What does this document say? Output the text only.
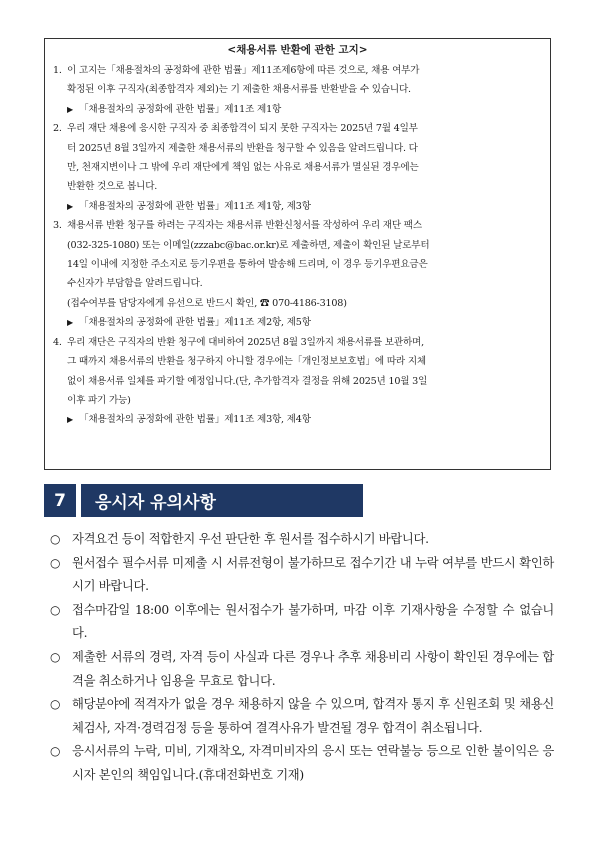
<채용서류 반환에 관한 고지>
1. 이 고지는「채용절차의 공정화에 관한 법률」제11조제6항에 따른 것으로, 채용 여부가
확정된 이후 구직자(최종합격자 제외)는 기 제출한 채용서류를 반환받을 수 있습니다.
▶ 「채용절차의 공정화에 관한 법률」제11조 제1항
2. 우리 재단 채용에 응시한 구직자 중 최종합격이 되지 못한 구직자는 2025년 7월 4일부
터 2025년 8월 3일까지 제출한 채용서류의 반환을 청구할 수 있음을 알려드립니다. 다
만, 천재지변이나 그 밖에 우리 재단에게 책임 없는 사유로 채용서류가 멸실된 경우에는
반환한 것으로 봅니다.
▶ 「채용절차의 공정화에 관한 법률」제11조 제1항, 제3항
3. 채용서류 반환 청구를 하려는 구직자는 채용서류 반환신청서를 작성하여 우리 재단 팩스
(032-325-1080) 또는 이메일(zzzabc@bac.or.kr)로 제출하면, 제출이 확인된 날로부터
14일 이내에 지정한 주소지로 등기우편을 통하여 발송해 드리며, 이 경우 등기우편요금은
수신자가 부담함을 알려드립니다.
(접수여부를 담당자에게 유선으로 반드시 확인, ☎ 070-4186-3108)
▶ 「채용절차의 공정화에 관한 법률」제11조 제2항, 제5항
4. 우리 재단은 구직자의 반환 청구에 대비하여 2025년 8월 3일까지 채용서류를 보관하며,
그 때까지 채용서류의 반환을 청구하지 아니할 경우에는「개인정보보호법」에 따라 지체
없이 채용서류 일체를 파기할 예정입니다.(단, 추가합격자 결정을 위해 2025년 10월 3일
이후 파기 가능)
▶ 「채용절차의 공정화에 관한 법률」제11조 제3항, 제4항
7	응시자 유의사항
○ 자격요건 등이 적합한지 우선 판단한 후 원서를 접수하시기 바랍니다.
○ 원서접수 필수서류 미제출 시 서류전형이 불가하므로 접수기간 내 누락 여부를 반드시 확인하시기 바랍니다.
○ 접수마감일 18:00 이후에는 원서접수가 불가하며, 마감 이후 기재사항을 수정할 수 없습니다.
○ 제출한 서류의 경력, 자격 등이 사실과 다른 경우나 추후 채용비리 사항이 확인된 경우에는 합격을 취소하거나 임용을 무효로 합니다.
○ 해당분야에 적격자가 없을 경우 채용하지 않을 수 있으며, 합격자 통지 후 신원조회 및 채용신체검사, 자격·경력검정 등을 통하여 결격사유가 발견될 경우 합격이 취소됩니다.
○ 응시서류의 누락, 미비, 기재착오, 자격미비자의 응시 또는 연락불능 등으로 인한 불이익은 응시자 본인의 책임입니다.(휴대전화번호 기재)
